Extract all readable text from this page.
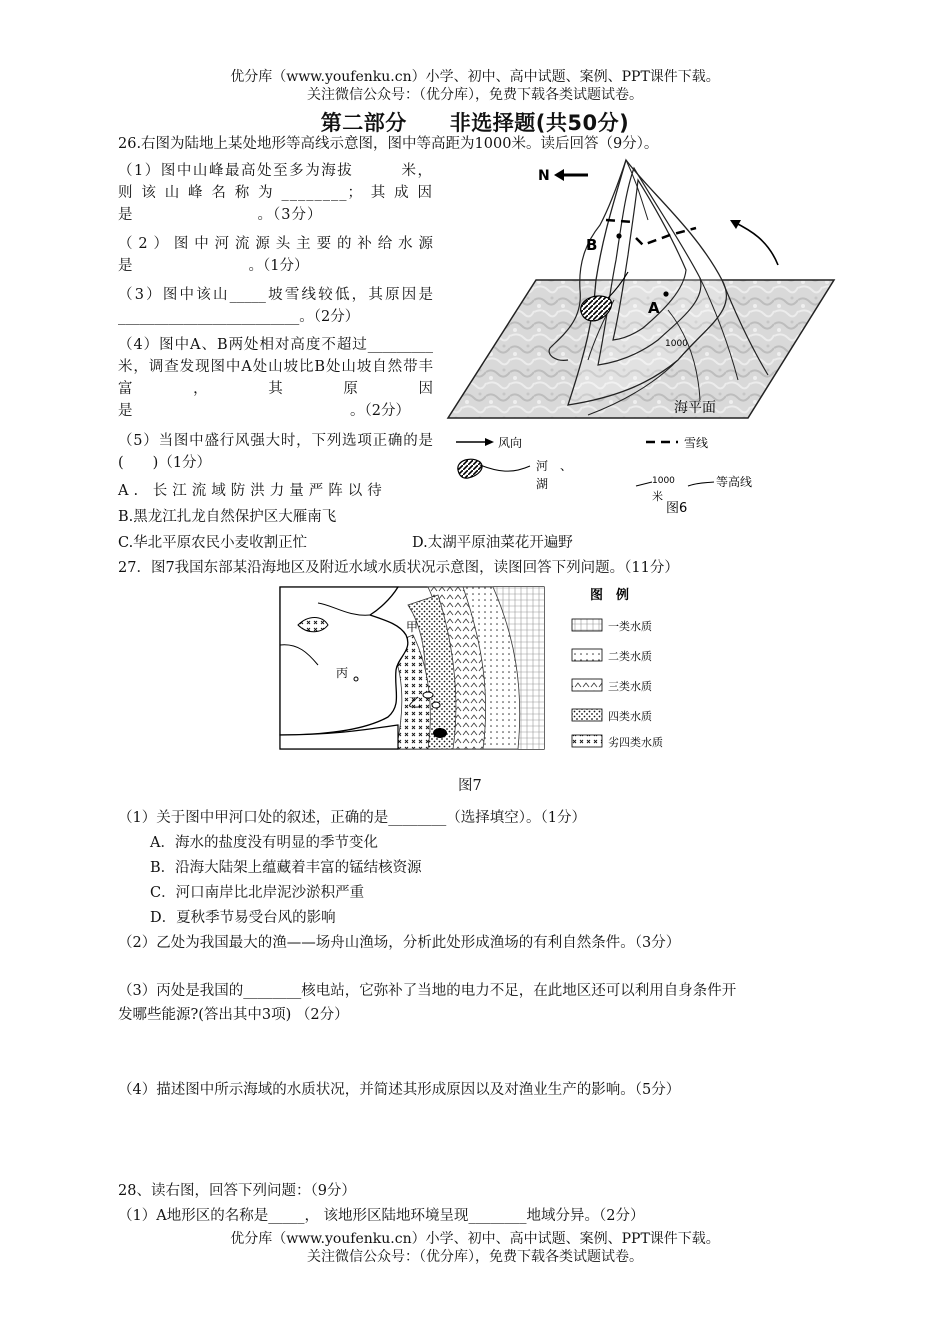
优分库（www.youfenku.cn）小学、初中、高中试题、案例、PPT课件下载。
关注微信公众号：（优分库），免费下载各类试题试卷。
第二部分　　非选择题(共50分)
26.右图为陆地上某处地形等高线示意图，图中等高距为1000米。读后回答（9分）。
（1）图中山峰最高处至多为海拔　　　米，则该山峰名称为________；其成因是　　　　　　　　。（3分）
（2）图中河流源头主要的补给水源是　　　　　　　　。（1分）
（3）图中该山_____坡雪线较低，其原因是_________________________。（2分）
（4）图中A、B两处相对高度不超过_________米，调查发现图中A处山坡比B处山坡自然带丰富，其原因是　　　　　　　　　　　　　　　。（2分）
（5）当图中盛行风强大时，下列选项正确的是　(　　)（1分）
A. 长江流域防洪力量严阵以待
B.黑龙江扎龙自然保护区大雁南飞
C.华北平原农民小麦收割正忙	D.太湖平原油菜花开遍野
B
A
1000
海平面
N
风向	雪线
河　、
湖	1000
米
等高线
图6
27．图7我国东部某沿海地区及附近水域水质状况示意图，读图回答下列问题。（11分）
甲
丙
乙
图　例
一类水质
二类水质
三类水质
四类水质
劣四类水质
图7
（1）关于图中甲河口处的叙述，正确的是________（选择填空）。（1分）
A．海水的盐度没有明显的季节变化
B．沿海大陆架上蕴藏着丰富的锰结核资源
C．河口南岸比北岸泥沙淤积严重
D．夏秋季节易受台风的影响
（2）乙处为我国最大的渔——场舟山渔场，分析此处形成渔场的有利自然条件。（3分）
（3）丙处是我国的________核电站，它弥补了当地的电力不足，在此地区还可以利用自身条件开
发哪些能源?(答出其中3项) （2分）
（4）描述图中所示海域的水质状况，并简述其形成原因以及对渔业生产的影响。（5分）
28、读右图，回答下列问题：（9分）
（1）A地形区的名称是_____， 该地形区陆地环境呈现________地域分异。（2分）
优分库（www.youfenku.cn）小学、初中、高中试题、案例、PPT课件下载。
关注微信公众号：（优分库），免费下载各类试题试卷。
